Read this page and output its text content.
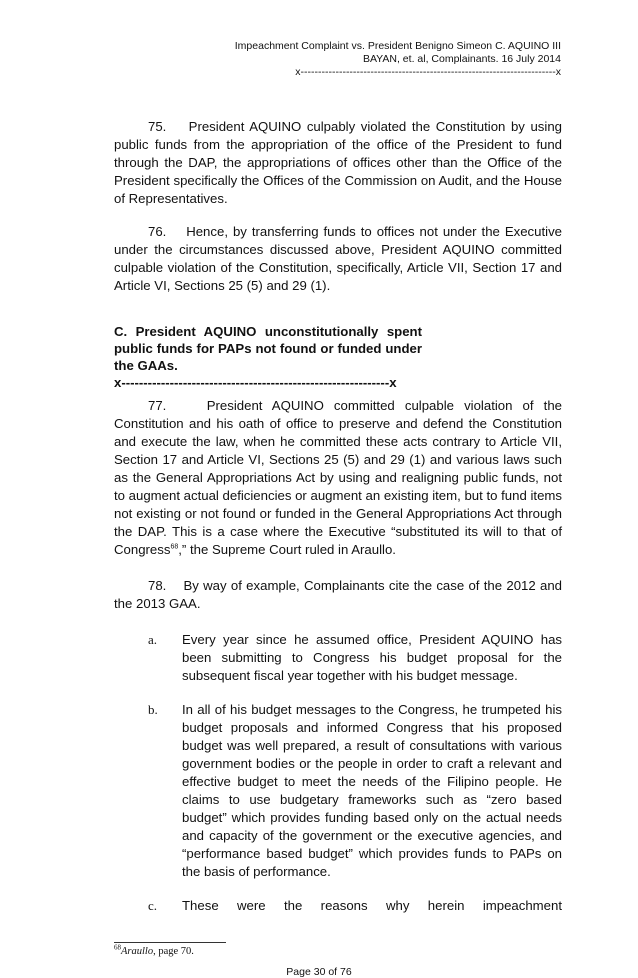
Impeachment Complaint vs. President Benigno Simeon C. AQUINO III
BAYAN, et. al, Complainants. 16 July 2014
x-------------------------------------------------------------------------x

75.    President AQUINO culpably violated the Constitution by using public funds from the appropriation of the office of the President to fund through the DAP, the appropriations of offices other than the Office of the President specifically the Offices of the Commission on Audit, and the House of Representatives.

76.    Hence, by transferring funds to offices not under the Executive under the circumstances discussed above, President AQUINO committed culpable violation of the Constitution, specifically, Article VII, Section 17 and Article VI, Sections 25 (5) and 29 (1).

C. President AQUINO unconstitutionally spent public funds for PAPs not found or funded under the GAAs.

x-------------------------------------------------------------x

77.    President AQUINO committed culpable violation of the Constitution and his oath of office to preserve and defend the Constitution and execute the law, when he committed these acts contrary to Article VII, Section 17 and Article VI, Sections 25 (5) and 29 (1) and various laws such as the General Appropriations Act by using and realigning public funds, not to augment actual deficiencies or augment an existing item, but to fund items not existing or not found or funded in the General Appropriations Act through the DAP. This is a case where the Executive “substituted its will to that of Congress$^{68}$,” the Supreme Court ruled in Araullo.

78.    By way of example, Complainants cite the case of the 2012 and the 2013 GAA.

a. Every year since he assumed office, President AQUINO has been submitting to Congress his budget proposal for the subsequent fiscal year together with his budget message.
b. In all of his budget messages to the Congress, he trumpeted his budget proposals and informed Congress that his proposed budget was well prepared, a result of consultations with various government bodies or the people in order to craft a relevant and effective budget to meet the needs of the Filipino people. He claims to use budgetary frameworks such as “zero based budget” which provides funding based only on the actual needs and capacity of the government or the executive agencies, and “performance based budget” which provides funds to PAPs on the basis of performance.
c. These were the reasons why herein impeachment
$^{68}$Araullo, page 70.
Page 30 of 76
